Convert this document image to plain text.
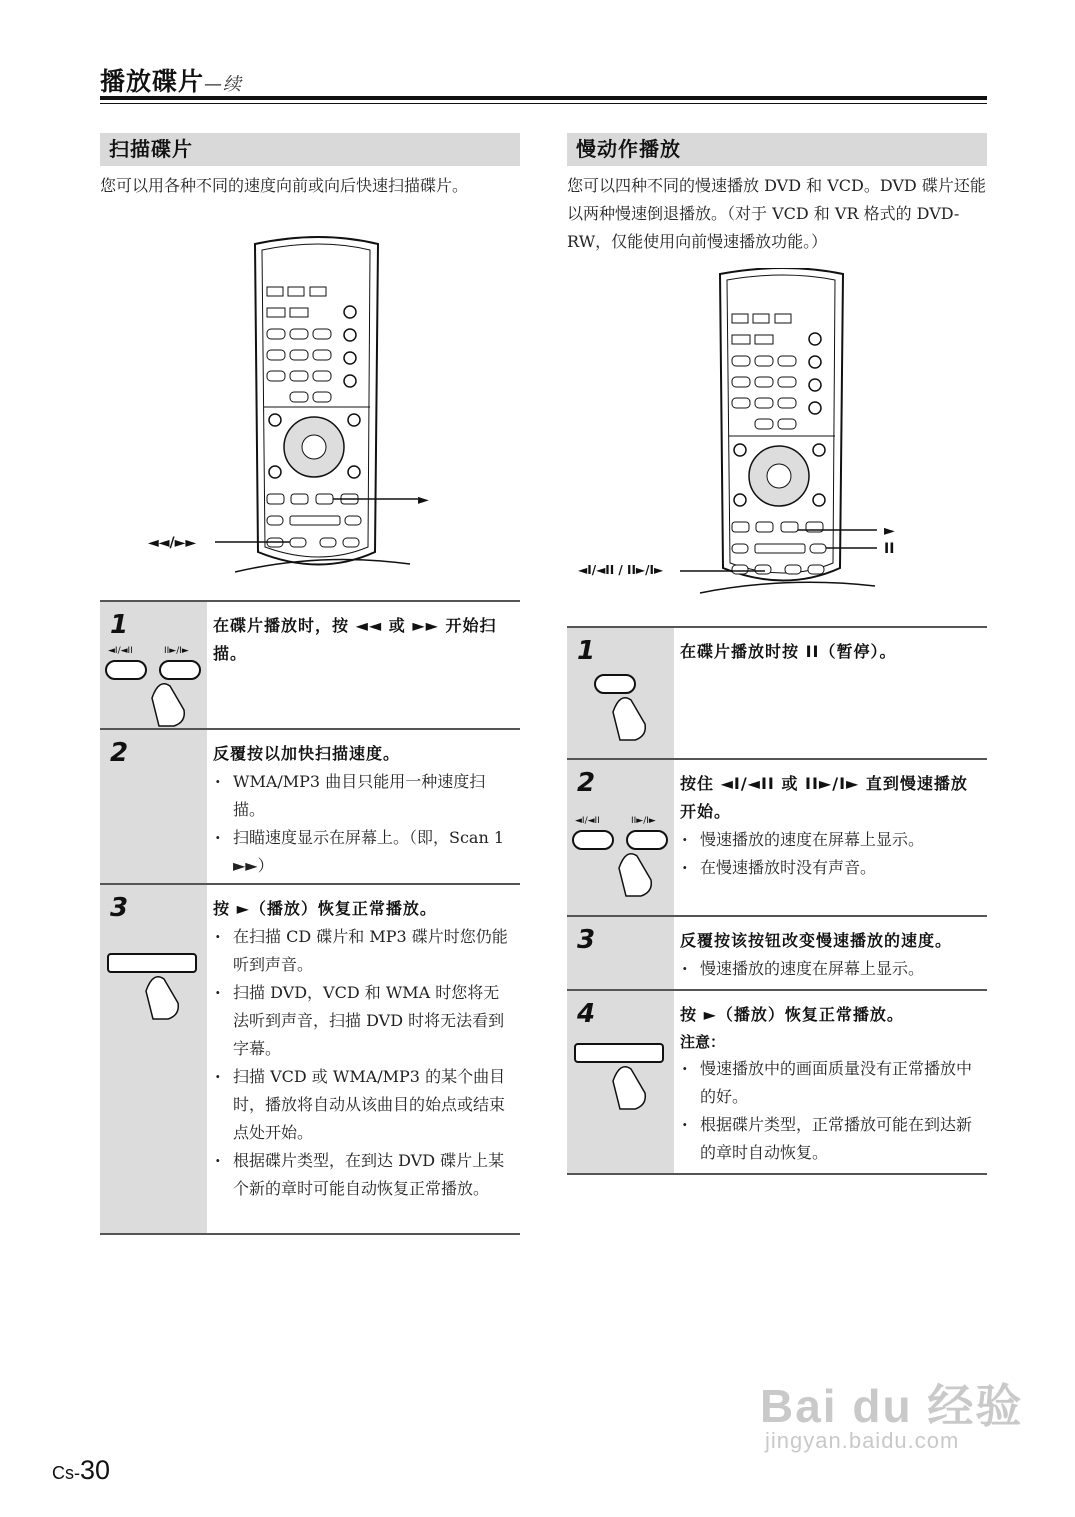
播放碟片—续
扫描碟片
您可以用各种不同的速度向前或向后快速扫描碟片。
►
◄◄/►►
1
◄I/◄II	II►/I►
在碟片播放时，按 ◄◄ 或 ►► 开始扫描。
2	反覆按以加快扫描速度。
· WMA/MP3 曲目只能用一种速度扫描。
· 扫瞄速度显示在屏幕上。（即，Scan 1 ►►）
3	按 ►（播放）恢复正常播放。
· 在扫描 CD 碟片和 MP3 碟片时您仍能听到声音。
· 扫描 DVD，VCD 和 WMA 时您将无法听到声音，扫描 DVD 时将无法看到字幕。
· 扫描 VCD 或 WMA/MP3 的某个曲目时，播放将自动从该曲目的始点或结束点处开始。
· 根据碟片类型，在到达 DVD 碟片上某个新的章时可能自动恢复正常播放。
慢动作播放
您可以四种不同的慢速播放 DVD 和 VCD。DVD 碟片还能以两种慢速倒退播放。（对于 VCD 和 VR 格式的 DVD-RW，仅能使用向前慢速播放功能。）
►
II
◄I/◄II / II►/I►
1	在碟片播放时按 II（暂停）。
2
◄I/◄II	II►/I►
按住 ◄I/◄II 或 II►/I► 直到慢速播放开始。
· 慢速播放的速度在屏幕上显示。
· 在慢速播放时没有声音。
3	反覆按该按钮改变慢速播放的速度。
· 慢速播放的速度在屏幕上显示。
4	按 ►（播放）恢复正常播放。
注意：
· 慢速播放中的画面质量没有正常播放中的好。
· 根据碟片类型，正常播放可能在到达新的章时自动恢复。
Cs-30
Bai du 经验
jingyan.baidu.com
